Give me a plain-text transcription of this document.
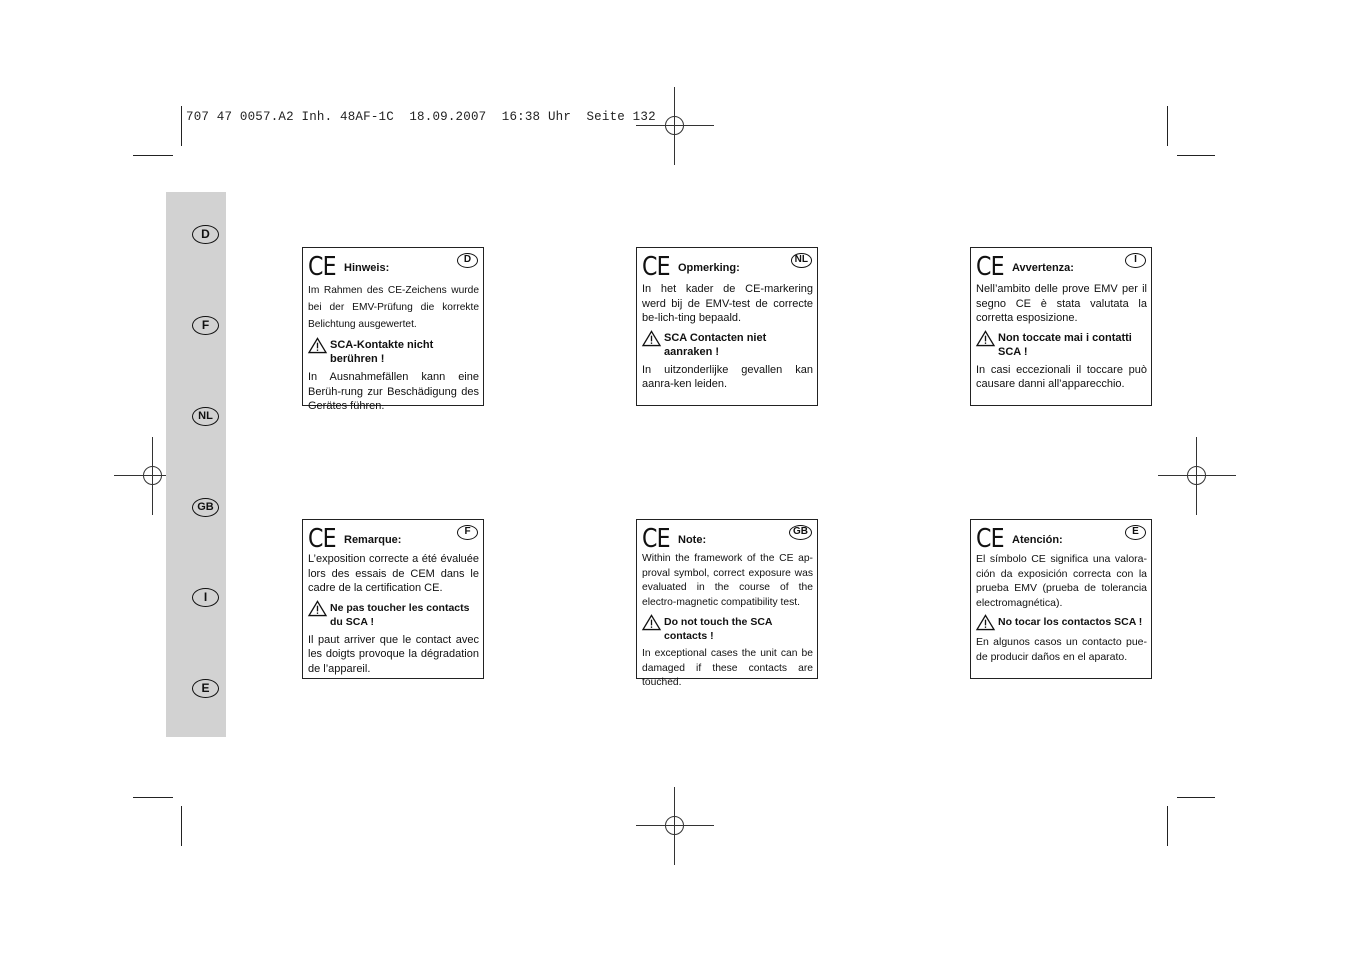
707 47 0057.A2 Inh. 48AF-1C  18.09.2007  16:38 Uhr  Seite 132
D
F
NL
GB
I
E
CE Hinweis:
D
Im Rahmen des CE-Zeichens wurde bei der EMV-Prüfung die korrekte Belichtung ausgewertet.
SCA-Kontakte nicht berühren !
In Ausnahmefällen kann eine Berüh-rung zur Beschädigung des Gerätes führen.
CE Opmerking:
NL
In het kader de CE-markering werd bij de EMV-test de correcte be-lich-ting bepaald.
SCA Contacten niet aanraken !
In uitzonderlijke gevallen kan aanra-ken leiden.
CE Avvertenza:
I
Nell’ambito delle prove EMV per il segno CE è stata valutata la corretta esposizione.
Non toccate mai i contatti SCA !
In casi eccezionali il toccare può causare danni all’apparecchio.
CE Remarque:
F
L’exposition correcte a été évaluée lors des essais de CEM dans le cadre de la certification CE.
Ne pas toucher les contacts du SCA !
Il paut arriver que le contact avec les doigts provoque la dégradation de l’appareil.
CE Note:
GB
Within the framework of the CE ap-proval symbol, correct exposure was evaluated in the course of the electro-magnetic compatibility test.
Do not touch the SCA contacts !
In exceptional cases the unit can be damaged if these contacts are touched.
CE Atención:
E
El símbolo CE significa una valora-ción da exposición correcta con la prueba EMV (prueba de tolerancia electromagnética).
No tocar los contactos SCA !
En algunos casos un contacto pue-de producir daños en el aparato.
